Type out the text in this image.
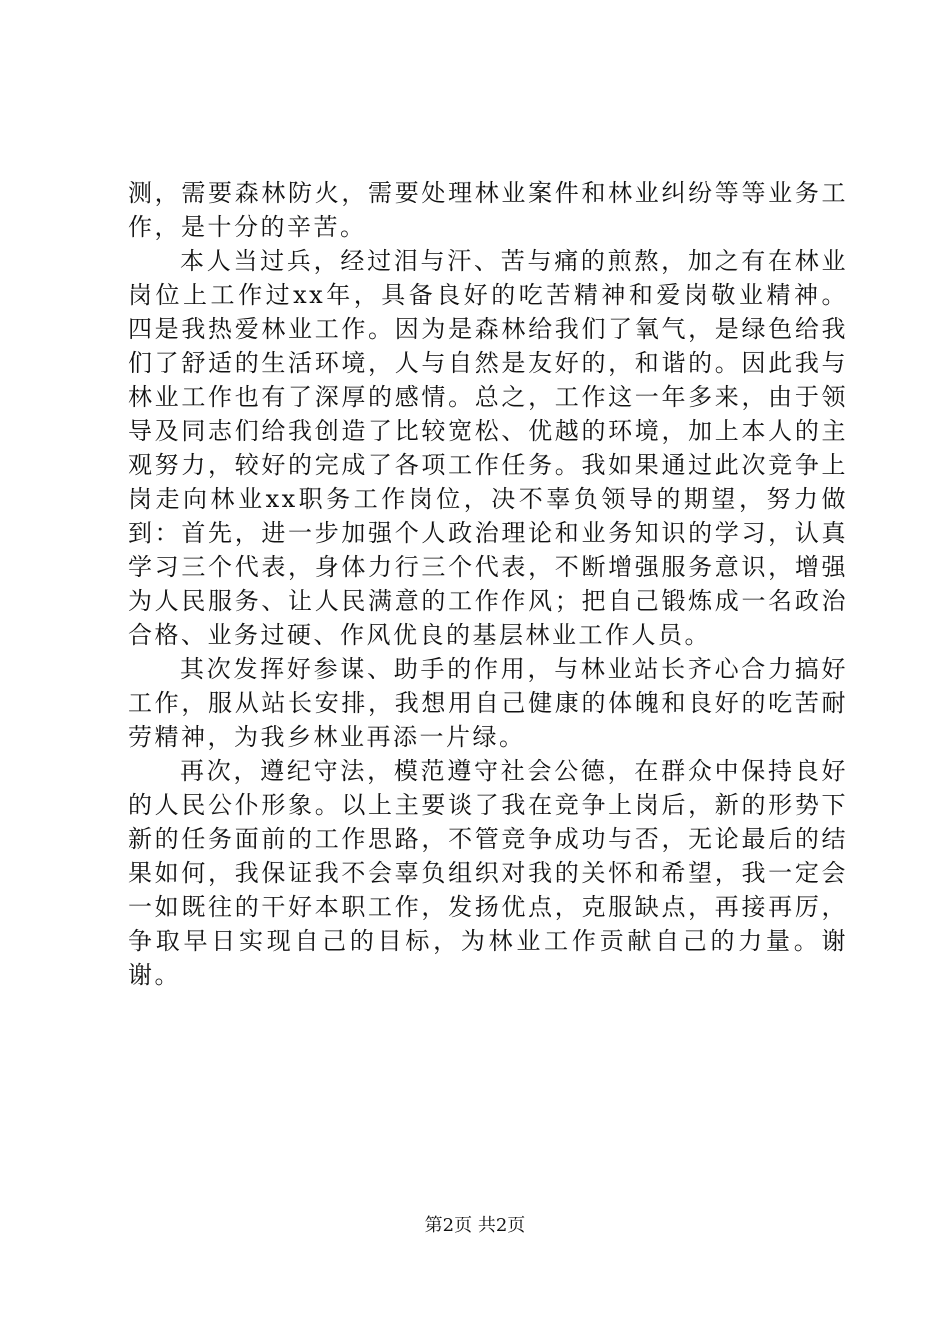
测，需要森林防火，需要处理林业案件和林业纠纷等等业务工作，是十分的辛苦。

本人当过兵，经过泪与汗、苦与痛的煎熬，加之有在林业岗位上工作过xx年，具备良好的吃苦精神和爱岗敬业精神。四是我热爱林业工作。因为是森林给我们了氧气，是绿色给我们了舒适的生活环境，人与自然是友好的，和谐的。因此我与林业工作也有了深厚的感情。总之，工作这一年多来，由于领导及同志们给我创造了比较宽松、优越的环境，加上本人的主观努力，较好的完成了各项工作任务。我如果通过此次竞争上岗走向林业xx职务工作岗位，决不辜负领导的期望，努力做到：首先，进一步加强个人政治理论和业务知识的学习，认真学习三个代表，身体力行三个代表，不断增强服务意识，增强为人民服务、让人民满意的工作作风；把自己锻炼成一名政治合格、业务过硬、作风优良的基层林业工作人员。

其次发挥好参谋、助手的作用，与林业站长齐心合力搞好工作，服从站长安排，我想用自己健康的体魄和良好的吃苦耐劳精神，为我乡林业再添一片绿。

再次，遵纪守法，模范遵守社会公德，在群众中保持良好的人民公仆形象。以上主要谈了我在竞争上岗后，新的形势下新的任务面前的工作思路，不管竞争成功与否，无论最后的结果如何，我保证我不会辜负组织对我的关怀和希望，我一定会一如既往的干好本职工作，发扬优点，克服缺点，再接再厉，争取早日实现自己的目标，为林业工作贡献自己的力量。谢谢。

第2页 共2页
